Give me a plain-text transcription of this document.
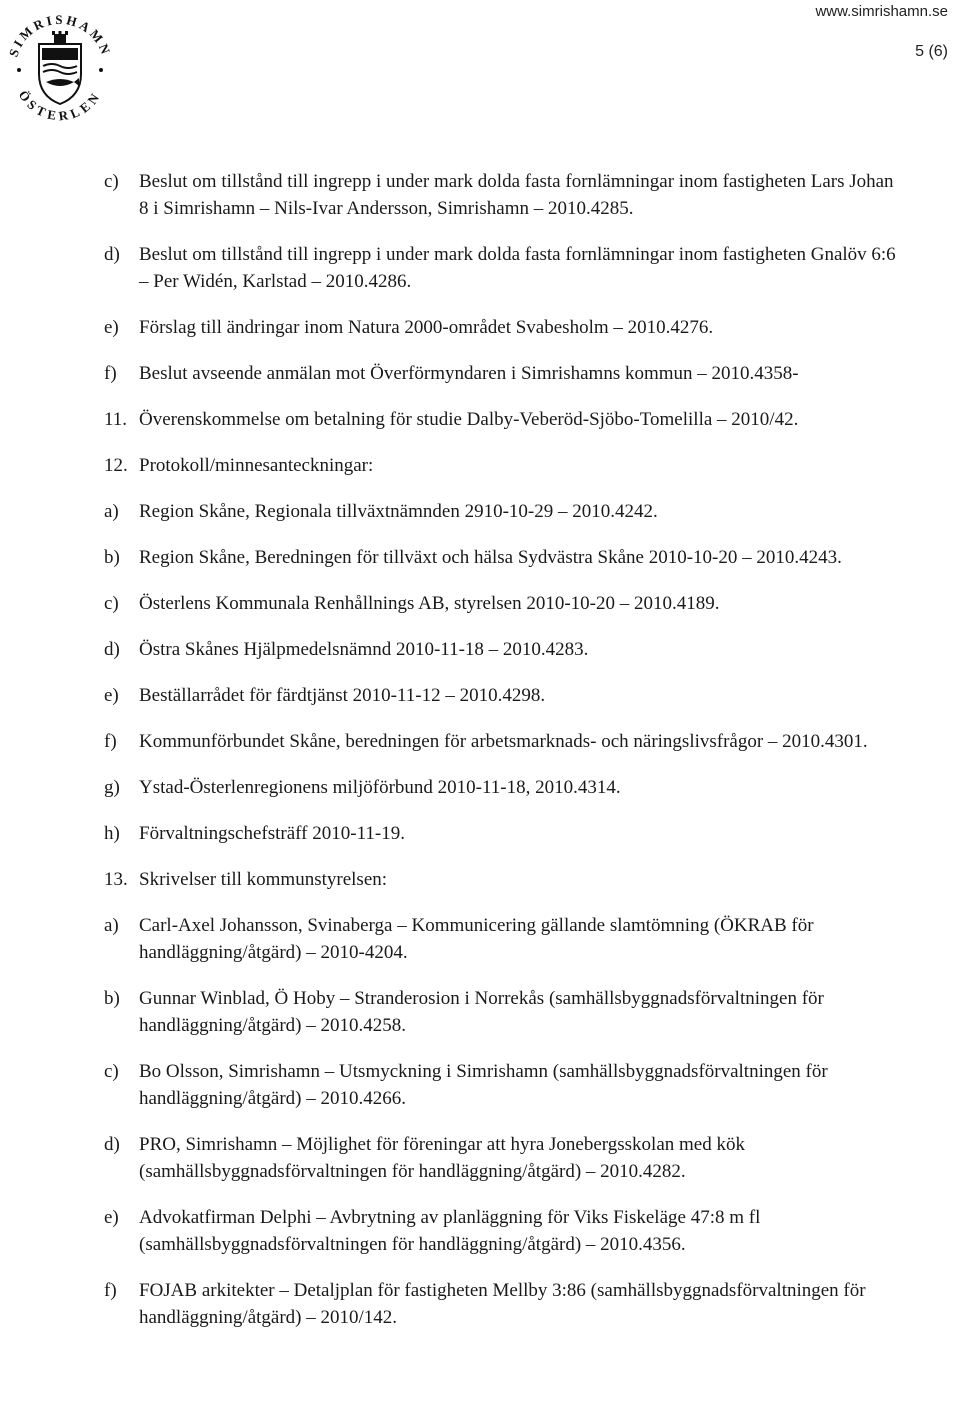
SIMRISHAMN
ÖSTERLEN
www.simrishamn.se
5 (6)
c) Beslut om tillstånd till ingrepp i under mark dolda fasta fornlämningar inom fastigheten Lars Johan 8 i Simrishamn – Nils-Ivar Andersson, Simrishamn – 2010.4285.
d) Beslut om tillstånd till ingrepp i under mark dolda fasta fornlämningar inom fastigheten Gnalöv 6:6 – Per Widén, Karlstad – 2010.4286.
e) Förslag till ändringar inom Natura 2000-området Svabesholm – 2010.4276.
f) Beslut avseende anmälan mot Överförmyndaren i Simrishamns kommun – 2010.4358-
11. Överenskommelse om betalning för studie Dalby-Veberöd-Sjöbo-Tomelilla – 2010/42.
12. Protokoll/minnesanteckningar:
a) Region Skåne, Regionala tillväxtnämnden 2910-10-29 – 2010.4242.
b) Region Skåne, Beredningen för tillväxt och hälsa Sydvästra Skåne 2010-10-20 – 2010.4243.
c) Österlens Kommunala Renhållnings AB, styrelsen 2010-10-20 – 2010.4189.
d) Östra Skånes Hjälpmedelsnämnd 2010-11-18 – 2010.4283.
e) Beställarrådet för färdtjänst 2010-11-12 – 2010.4298.
f) Kommunförbundet Skåne, beredningen för arbetsmarknads- och näringslivsfrågor – 2010.4301.
g) Ystad-Österlenregionens miljöförbund 2010-11-18, 2010.4314.
h) Förvaltningschefsträff 2010-11-19.
13. Skrivelser till kommunstyrelsen:
a) Carl-Axel Johansson, Svinaberga – Kommunicering gällande slamtömning (ÖKRAB för handläggning/åtgärd) – 2010-4204.
b) Gunnar Winblad, Ö Hoby – Stranderosion i Norrekås (samhällsbyggnadsförvaltningen för handläggning/åtgärd) – 2010.4258.
c) Bo Olsson, Simrishamn – Utsmyckning i Simrishamn (samhällsbyggnadsförvaltningen för handläggning/åtgärd) – 2010.4266.
d) PRO, Simrishamn – Möjlighet för föreningar att hyra Jonebergsskolan med kök (samhällsbyggnadsförvaltningen för handläggning/åtgärd) – 2010.4282.
e) Advokatfirman Delphi – Avbrytning av planläggning för Viks Fiskeläge 47:8 m fl (samhällsbyggnadsförvaltningen för handläggning/åtgärd) – 2010.4356.
f) FOJAB arkitekter – Detaljplan för fastigheten Mellby 3:86 (samhällsbyggnadsförvaltningen för handläggning/åtgärd) – 2010/142.
